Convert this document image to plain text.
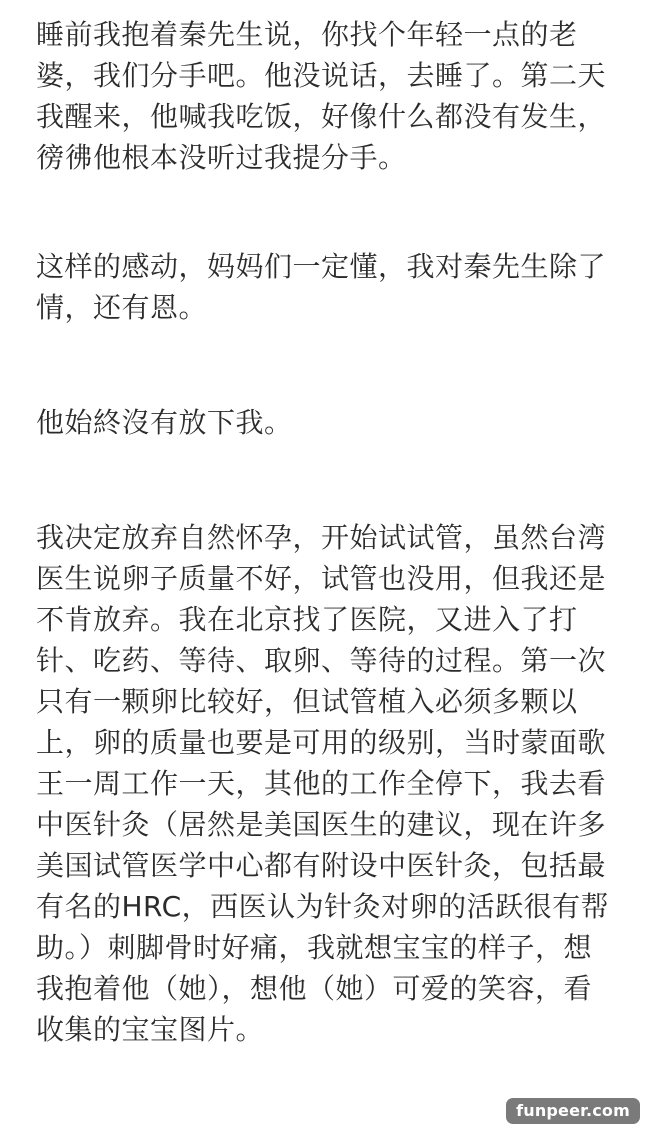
睡前我抱着秦先生说，你找个年轻一点的老
婆，我们分手吧。他没说话，去睡了。第二天
我醒来，他喊我吃饭，好像什么都没有发生，
徬彿他根本没听过我提分手。
这样的感动，妈妈们一定懂，我对秦先生除了
情，还有恩。
他始終沒有放下我。
我决定放弃自然怀孕，开始试试管，虽然台湾
医生说卵子质量不好，试管也没用，但我还是
不肯放弃。我在北京找了医院，又进入了打
针、吃药、等待、取卵、等待的过程。第一次
只有一颗卵比较好，但试管植入必须多颗以
上，卵的质量也要是可用的级别，当时蒙面歌
王一周工作一天，其他的工作全停下，我去看
中医针灸（居然是美国医生的建议，现在许多
美国试管医学中心都有附设中医针灸，包括最
有名的HRC，西医认为针灸对卵的活跃很有帮
助。）刺脚骨时好痛，我就想宝宝的样子，想
我抱着他（她），想他（她）可爱的笑容，看
收集的宝宝图片。
funpeer.com
